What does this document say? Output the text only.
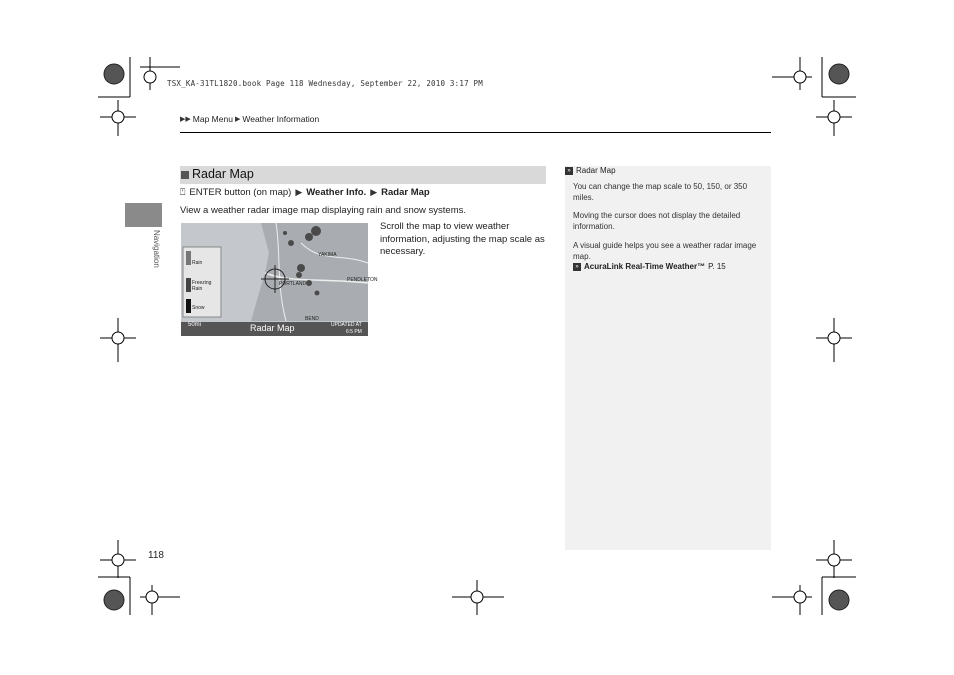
TSX_KA-31TL1820.book Page 118 Wednesday, September 22, 2010 3:17 PM
▶▶ Map Menu ▶ Weather Information
Navigation
Radar Map
⍞ ENTER button (on map) ▶ Weather Info. ▶ Radar Map
View a weather radar image map displaying rain and snow systems.
Scroll the map to view weather information, adjusting the map scale as necessary.
Rain
Freezing Rain
Snow
YAKIMA
PORTLAND
PENDLETON
BEND
50mi	Radar Map	UPDATED AT
6:5 PM
» Radar Map
You can change the map scale to 50, 150, or 350 miles.
Moving the cursor does not display the detailed information.
A visual guide helps you see a weather radar image map.
» AcuraLink Real-Time Weather™ P. 15
118
